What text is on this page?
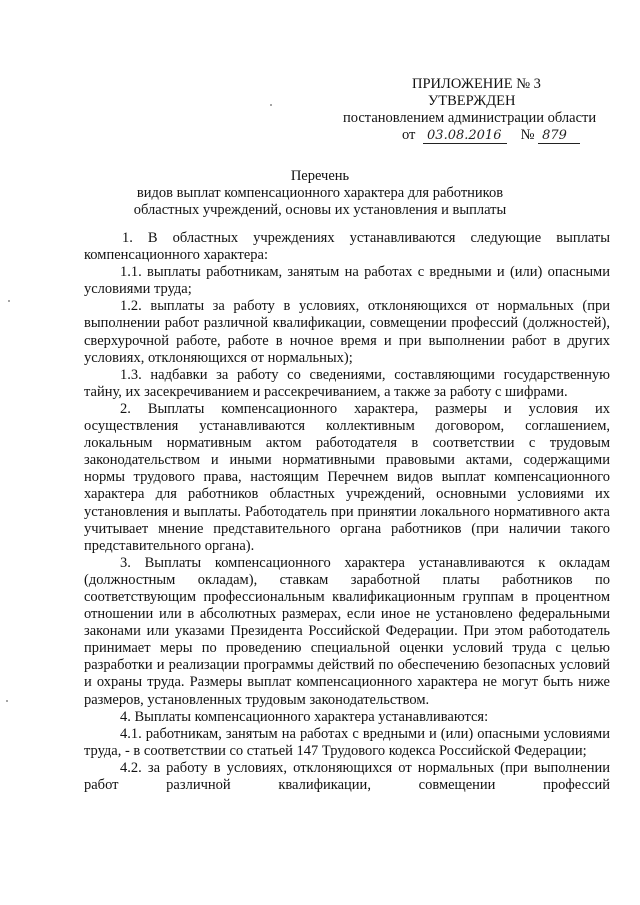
ПРИЛОЖЕНИЕ № 3
УТВЕРЖДЕН
постановлением администрации области
от 03.08.2016 № 879
Перечень
видов выплат компенсационного характера для работников
областных учреждений, основы их установления и выплаты

1. В областных учреждениях устанавливаются следующие выплаты компенсационного характера:

1.1. выплаты работникам, занятым на работах с вредными и (или) опасными условиями труда;

1.2. выплаты за работу в условиях, отклоняющихся от нормальных (при выполнении работ различной квалификации, совмещении профессий (должностей), сверхурочной работе, работе в ночное время и при выполнении работ в других условиях, отклоняющихся от нормальных);

1.3. надбавки за работу со сведениями, составляющими государственную тайну, их засекречиванием и рассекречиванием, а также за работу с шифрами.

2. Выплаты компенсационного характера, размеры и условия их осуществления устанавливаются коллективным договором, соглашением, локальным нормативным актом работодателя в соответствии с трудовым законодательством и иными нормативными правовыми актами, содержащими нормы трудового права, настоящим Перечнем видов выплат компенсационного характера для работников областных учреждений, основными условиями их установления и выплаты. Работодатель при принятии локального нормативного акта учитывает мнение представительного органа работников (при наличии такого представительного органа).

3. Выплаты компенсационного характера устанавливаются к окладам (должностным окладам), ставкам заработной платы работников по соответствующим профессиональным квалификационным группам в процентном отношении или в абсолютных размерах, если иное не установлено федеральными законами или указами Президента Российской Федерации. При этом работодатель принимает меры по проведению специальной оценки условий труда с целью разработки и реализации программы действий по обеспечению безопасных условий и охраны труда. Размеры выплат компенсационного характера не могут быть ниже размеров, установленных трудовым законодательством.

4. Выплаты компенсационного характера устанавливаются:

4.1. работникам, занятым на работах с вредными и (или) опасными условиями труда, - в соответствии со статьей 147 Трудового кодекса Российской Федерации;

4.2. за работу в условиях, отклоняющихся от нормальных (при выполнении работ различной квалификации, совмещении профессий
